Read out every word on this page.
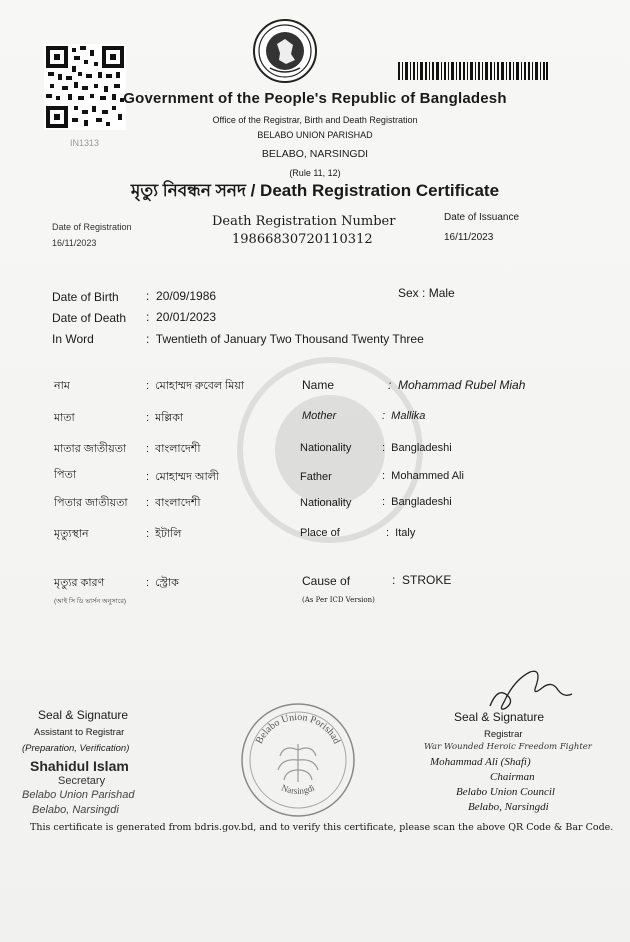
IN1313
Government of the People's Republic of Bangladesh
Office of the Registrar, Birth and Death Registration
BELABO UNION PARISHAD
BELABO, NARSINGDI
(Rule 11, 12)
মৃত্যু নিবন্ধন সনদ / Death Registration Certificate
Date of Registration
16/11/2023
Death Registration Number
19866830720110312
Date of Issuance
16/11/2023
Date of Birth :  20/09/1986	Sex : Male
Date of Death :  20/01/2023
In Word	:  Twentieth of January Two Thousand Twenty Three
নাম	:  মোহাম্মদ রুবেল মিয়া	Name	:  Mohammad Rubel Miah
মাতা	:  মল্লিকা	Mother	:  Mallika
মাতার জাতীয়তা :  বাংলাদেশী	Nationality	:  Bangladeshi
পিতা	:  মোহাম্মদ আলী	Father	:  Mohammed Ali
পিতার জাতীয়তা :  বাংলাদেশী	Nationality	:  Bangladeshi
মৃত্যুস্থান	:  ইটালি	Place of	:  Italy
মৃত্যুর কারণ
(আই সি ডি ভার্সন অনুসারে)
:  স্ট্রোক	Cause of	:  STROKE
(As Per ICD Version)
Seal & Signature
Assistant to Registrar
(Preparation, Verification)
Shahidul Islam
Secretary
Belabo Union Parishad
Belabo, Narsingdi
Belabo Union Porishad
Narsingdi
Seal & Signature
Registrar
War Wounded Heroic Freedom Fighter
Mohammad Ali (Shafi)
Chairman
Belabo Union Council
Belabo, Narsingdi
This certificate is generated from bdris.gov.bd, and to verify this certificate, please scan the above QR Code & Bar Code.
